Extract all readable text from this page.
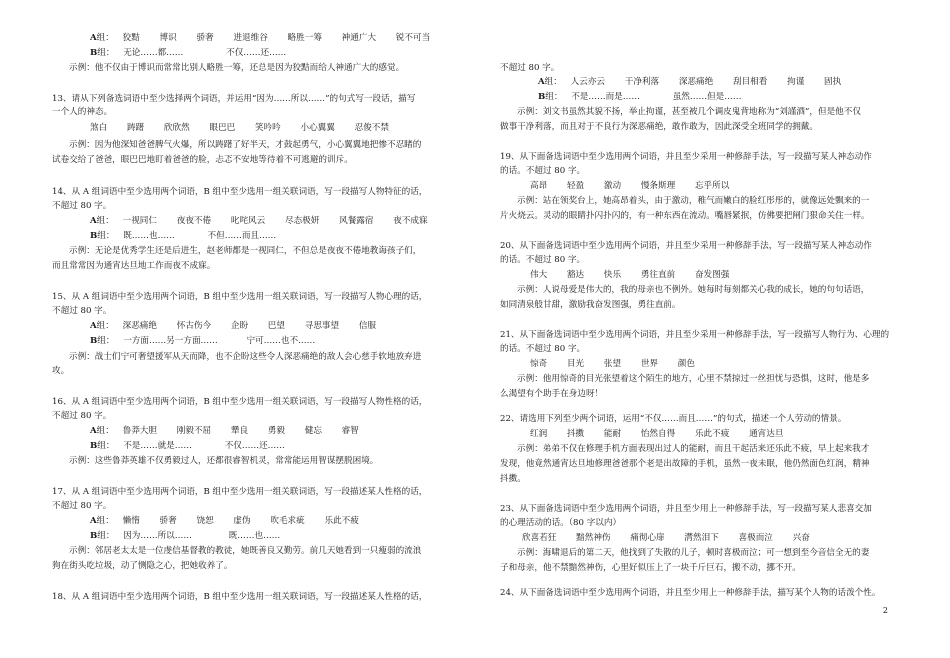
A组： 狡黠 博识 骄奢 进退维谷 略胜一筹 神通广大 锐不可当
B组： 无论……都……	不仅……还……
示例：他不仅由于博识而常常比别人略胜一筹，还总是因为狡黠而给人神通广大的感觉。
13、请从下列备选词语中至少选择两个词语，并运用“因为……所以……”的句式写一段话，描写
一个人的神态。
煞白 踌躇 欣欣然 眼巴巴 笑吟吟 小心翼翼 忍俊不禁
示例：因为他深知爸爸脾气火爆，所以踌躇了好半天，才鼓起勇气，小心翼翼地把惨不忍睹的
试卷交给了爸爸，眼巴巴地盯着爸爸的脸，忐忑不安地等待着不可逃避的训斥。
14、从 A 组词语中至少选用两个词语，B 组中至少选用一组关联词语，写一段描写人物特征的话，
不超过 80 字。
A组： 一视同仁 夜夜不倦 叱咤风云 尽态极妍 风餐露宿 夜不成寐
B组： 既……也……	不但……而且……
示例：无论是优秀学生还是后进生，赵老师都是一视同仁，不但总是夜夜不倦地教诲孩子们，
而且常常因为通宵达旦地工作而夜不成寐。
15、从 A 组词语中至少选用两个词语，B 组中至少选用一组关联词语，写一段描写人物心理的话，
不超过 80 字。
A组： 深恶痛绝 怀古伤今 企盼 巴望 寻思事望 信服
B组： 一方面……另一方面……	宁可……也不……
示例：战士们宁可奢望援军从天而降，也不企盼这些令人深恶痛绝的敌人会心慈手软地放弃进
攻。
16、从 A 组词语中至少选用两个词语，B 组中至少选用一组关联词语，写一段描写人物性格的话，
不超过 80 字。
A组： 鲁莽大胆 刚毅不屈 犟良 勇毅 健忘 睿智
B组： 不是……就是……	不仅……还……
示例：这些鲁莽英雄不仅勇毅过人，还都很睿智机灵，常常能运用智谋摆脱困境。
17、从 A 组词语中至少选用两个词语，B 组中至少选用一组关联词语，写一段描述某人性格的话，
不超过 80 字。
A组： 懒惰 骄奢 饶恕 虚伪 吹毛求疵 乐此不疲
B组： 因为……所以……	既……也……
示例：邻居老太太是一位虔信基督教的教徒，她既善良又勤劳。前几天她看到一只瘦弱的流浪
狗在街头吃垃圾，动了恻隐之心，把她收养了。
18、从 A 组词语中至少选用两个词语，B 组中至少选用一组关联词语，写一段描述某人性格的话，
不超过 80 字。
A组： 人云亦云 干净利落 深恶痛绝 刮目相看 拘谨 固执
B组： 不是……而是……	虽然……但是……
示例：刘文书虽然其貌不扬，举止拘谨，甚至被几个调皮鬼背地称为“刘謹酒”，但是他不仅
做事干净利落，而且对于不良行为深恶痛绝，敢作敢为，因此深受全班同学的拥戴。
19、从下面备选词语中至少选用两个词语，并且至少采用一种修辞手法，写一段描写某人神态动作
的话。不超过 80 字。
高昂 轻盈 激动 慢条斯理 忘乎所以
示例：站在领奖台上，她高昂着头，由于激动，稚气而嫩白的脸红彤彤的，就像远处飘来的一
片火烧云。灵动的眼睛扑闪扑闪的，有一种东西在流动。嘴唇紧抿，仿佛要把闸门狠命关住一样。
20、从下面备选词语中至少选用两个词语，并且至少采用一种修辞手法，写一段描写某人神态动作
的话。不超过 80 字。
伟大 豁达 快乐 勇往直前 奋发图强
示例：人说母爱是伟大的，我的母亲也不例外。她每时每刻都关心我的成长，她的句句话语，
如同清泉般甘甜，激励我奋发图强，勇往直前。
21、从下面备选词语中至少选用两个词语，并且至少采用一种修辞手法，写一段描写人物行为、心理的
的话。不超过 80 字。
惊奇 目光 张望 世界 颜色
示例：他用惊奇的目光张望着这个陌生的地方，心里不禁掠过一丝担忧与恐惧，这时，他是多
么渴望有个助手在身边呀！
22、请选用下列至少两个词语，运用“不仅……而且……”的句式，描述一个人劳动的情景。
红润 抖擞 能耐 怡然自得 乐此不疲 通宵达旦
示例：弟弟不仅在修理手机方面表现出过人的能耐，而且干起活来还乐此不疲，早上起来我才
发现，他竟然通宵达旦地修理爸爸那个老是出故障的手机，虽然一夜未眠，他仍然面色红润，精神
抖擞。
23、从下面备选词语中至少选用两个词语，并且至少用上一种修辞手法，写一段描写某人悲喜交加
的心理活动的话。（80 字以内）
欣喜若狂 黯然神伤 痛彻心扉 潸然泪下 喜极而泣 兴奋
示例：海啸退后的第二天，他找到了失散的儿子，顿时喜极而泣；可一想到至今音信全无的妻
子和母亲，他不禁黯然神伤，心里好似压上了一块千斤巨石，搬不动，挪不开。
24、从下面备选词语中至少选用两个词语，并且至少用上一种修辞手法，描写某个人物的话泼个性。
2
